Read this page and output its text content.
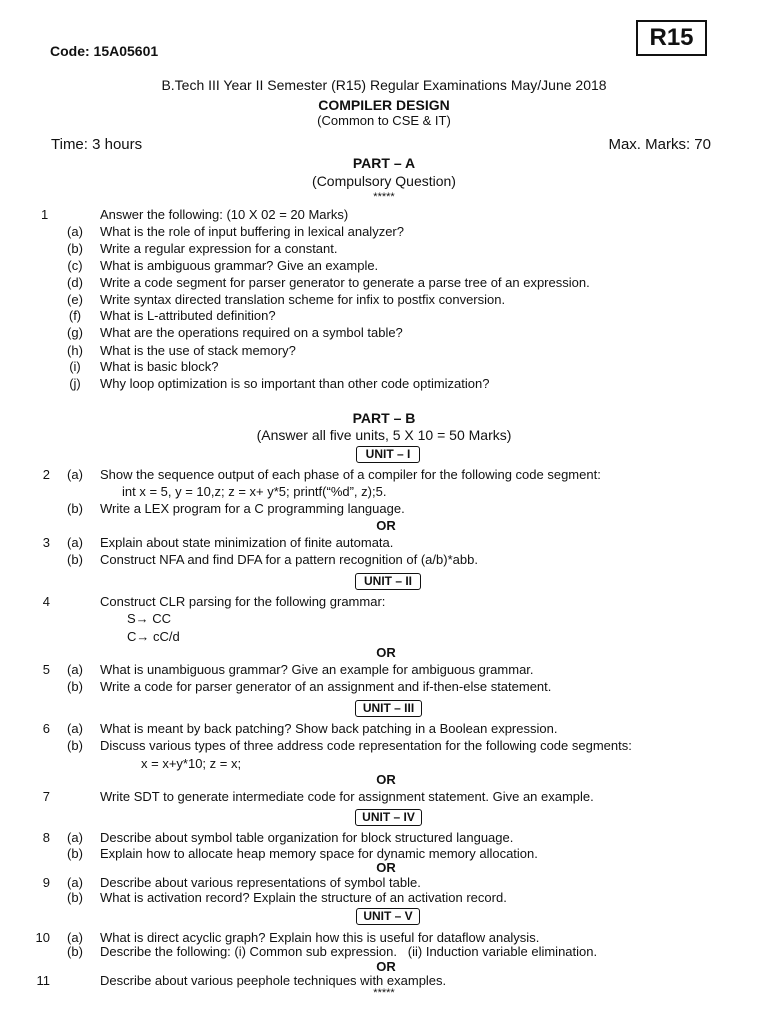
Code: 15A05601	R15
B.Tech III Year II Semester (R15) Regular Examinations May/June 2018
COMPILER DESIGN
(Common to CSE & IT)
Time: 3 hours	Max. Marks: 70
PART – A
(Compulsory Question)
*****
1	Answer the following: (10 X 02 = 20 Marks)
(a)	What is the role of input buffering in lexical analyzer?
(b)	Write a regular expression for a constant.
(c)	What is ambiguous grammar? Give an example.
(d)	Write a code segment for parser generator to generate a parse tree of an expression.
(e)	Write syntax directed translation scheme for infix to postfix conversion.
(f)	What is L-attributed definition?
(g)	What are the operations required on a symbol table?
(h)	What is the use of stack memory?
(i)	What is basic block?
(j)	Why loop optimization is so important than other code optimization?
PART – B
(Answer all five units, 5 X 10 = 50 Marks)
UNIT – I
2	(a)	Show the sequence output of each phase of a compiler for the following code segment:
int x = 5, y = 10,z; z = x+ y*5; printf(“%d”, z);5.
(b)	Write a LEX program for a C programming language.
OR
3	(a)	Explain about state minimization of finite automata.
(b)	Construct NFA and find DFA for a pattern recognition of (a/b)*abb.
UNIT – II
4	Construct CLR parsing for the following grammar:
S→ CC
C→ cC/d
OR
5	(a)	What is unambiguous grammar? Give an example for ambiguous grammar.
(b)	Write a code for parser generator of an assignment and if-then-else statement.
UNIT – III
6	(a)	What is meant by back patching? Show back patching in a Boolean expression.
(b)	Discuss various types of three address code representation for the following code segments:
x = x+y*10; z = x;
OR
7	Write SDT to generate intermediate code for assignment statement. Give an example.
UNIT – IV
8	(a)	Describe about symbol table organization for block structured language.
(b)	Explain how to allocate heap memory space for dynamic memory allocation.
OR
9	(a)	Describe about various representations of symbol table.
(b)	What is activation record? Explain the structure of an activation record.
UNIT – V
10	(a)	What is direct acyclic graph? Explain how this is useful for dataflow analysis.
(b)	Describe the following: (i) Common sub expression.   (ii) Induction variable elimination.
OR
11	Describe about various peephole techniques with examples.
*****
